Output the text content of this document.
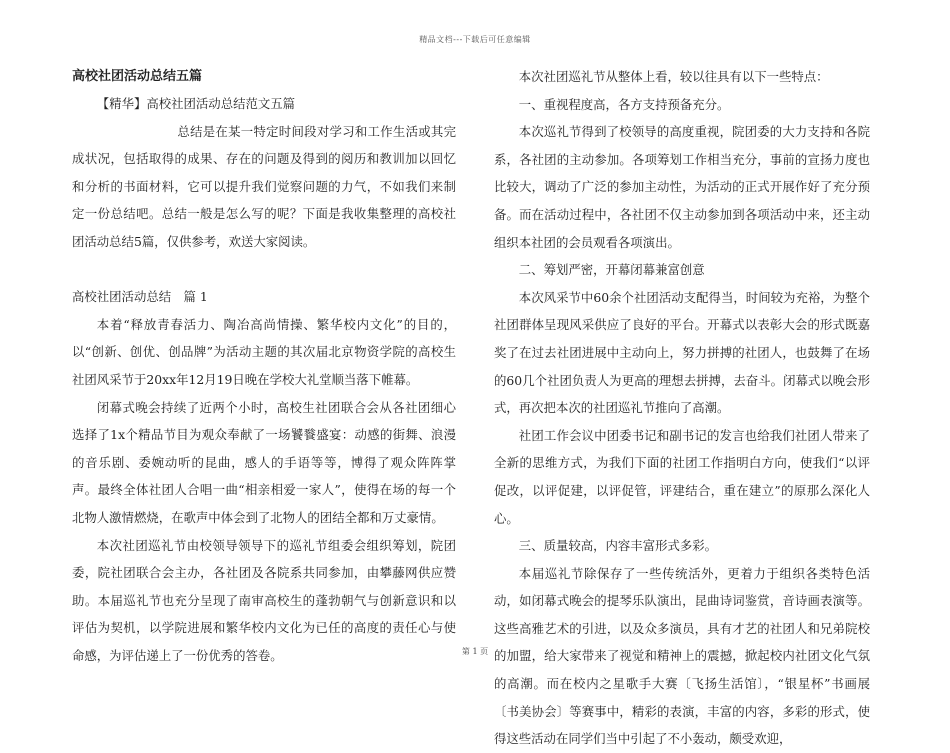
精品文档---下载后可任意编辑

高校社团活动总结五篇

【精华】高校社团活动总结范文五篇

总结是在某一特定时间段对学习和工作生活或其完成状况，包括取得的成果、存在的问题及得到的阅历和教训加以回忆和分析的书面材料，它可以提升我们觉察问题的力气，不如我们来制定一份总结吧。总结一般是怎么写的呢？下面是我收集整理的高校社团活动总结5篇，仅供参考，欢送大家阅读。

高校社团活动总结　篇 1

本着“释放青春活力、陶冶高尚情操、繁华校内文化”的目的，以“创新、创优、创品牌”为活动主题的其次届北京物资学院的高校生社团风采节于20xx年12月19日晚在学校大礼堂顺当落下帷幕。

闭幕式晚会持续了近两个小时，高校生社团联合会从各社团细心选择了1x个精品节目为观众奉献了一场饕餮盛宴：动感的街舞、浪漫的音乐剧、委婉动听的昆曲，感人的手语等等，博得了观众阵阵掌声。最终全体社团人合唱一曲“相亲相爱一家人”，使得在场的每一个北物人激情燃烧，在歌声中体会到了北物人的团结全都和万丈豪情。

本次社团巡礼节由校领导领导下的巡礼节组委会组织筹划，院团委，院社团联合会主办，各社团及各院系共同参加，由攀藤网供应赞助。本届巡礼节也充分呈现了南审高校生的蓬勃朝气与创新意识和以评估为契机，以学院进展和繁华校内文化为已任的高度的责任心与使命感，为评估递上了一份优秀的答卷。

本次社团巡礼节从整体上看，较以往具有以下一些特点：

一、重视程度高，各方支持预备充分。

本次巡礼节得到了校领导的高度重视，院团委的大力支持和各院系，各社团的主动参加。各项筹划工作相当充分，事前的宣扬力度也比较大，调动了广泛的参加主动性，为活动的正式开展作好了充分预备。而在活动过程中，各社团不仅主动参加到各项活动中来，还主动组织本社团的会员观看各项演出。

二、筹划严密，开幕闭幕兼富创意

本次风采节中60余个社团活动支配得当，时间较为充裕，为整个社团群体呈现风采供应了良好的平台。开幕式以表彰大会的形式既嘉奖了在过去社团进展中主动向上，努力拼搏的社团人，也鼓舞了在场的60几个社团负责人为更高的理想去拼搏，去奋斗。闭幕式以晚会形式，再次把本次的社团巡礼节推向了高潮。

社团工作会议中团委书记和副书记的发言也给我们社团人带来了全新的思维方式，为我们下面的社团工作指明白方向，使我们“以评促改，以评促建，以评促管，评建结合，重在建立”的原那么深化人心。

三、质量较高，内容丰富形式多彩。

本届巡礼节除保存了一些传统活外，更着力于组织各类特色活动，如闭幕式晚会的提琴乐队演出，昆曲诗词鉴赏，音诗画表演等。这些高雅艺术的引进，以及众多演员，具有才艺的社团人和兄弟院校的加盟，给大家带来了视觉和精神上的震撼，掀起校内社团文化气氛的高潮。而在校内之星歌手大赛〔飞扬生活馆〕，“银星杯”书画展〔书美协会〕等赛事中，精彩的表演，丰富的内容，多彩的形式，使得这些活动在同学们当中引起了不小轰动，颇受欢迎，

第 1 页
